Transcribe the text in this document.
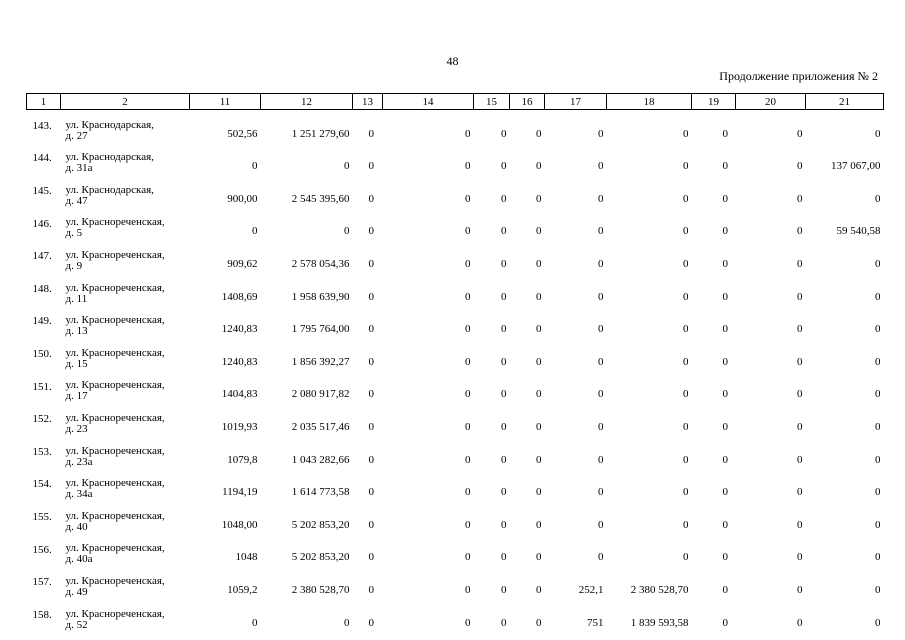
48
Продолжение приложения № 2
1	2	11	12	13	14	15	16	17	18	19	20	21
143.	ул. Краснодарская,
д. 27	502,56	1 251 279,60	0	0	0	0	0	0	0	0	0
144.	ул. Краснодарская,
д. 31а	0	0	0	0	0	0	0	0	0	0	137 067,00
145.	ул. Краснодарская,
д. 47	900,00	2 545 395,60	0	0	0	0	0	0	0	0	0
146.	ул. Краснореченская,
д. 5	0	0	0	0	0	0	0	0	0	0	59 540,58
147.	ул. Краснореченская,
д. 9	909,62	2 578 054,36	0	0	0	0	0	0	0	0	0
148.	ул. Краснореченская,
д. 11	1408,69	1 958 639,90	0	0	0	0	0	0	0	0	0
149.	ул. Краснореченская,
д. 13	1240,83	1 795 764,00	0	0	0	0	0	0	0	0	0
150.	ул. Краснореченская,
д. 15	1240,83	1 856 392,27	0	0	0	0	0	0	0	0	0
151.	ул. Краснореченская,
д. 17	1404,83	2 080 917,82	0	0	0	0	0	0	0	0	0
152.	ул. Краснореченская,
д. 23	1019,93	2 035 517,46	0	0	0	0	0	0	0	0	0
153.	ул. Краснореченская,
д. 23а	1079,8	1 043 282,66	0	0	0	0	0	0	0	0	0
154.	ул. Краснореченская,
д. 34а	1194,19	1 614 773,58	0	0	0	0	0	0	0	0	0
155.	ул. Краснореченская,
д. 40	1048,00	5 202 853,20	0	0	0	0	0	0	0	0	0
156.	ул. Краснореченская,
д. 40а	1048	5 202 853,20	0	0	0	0	0	0	0	0	0
157.	ул. Краснореченская,
д. 49	1059,2	2 380 528,70	0	0	0	0	252,1	2 380 528,70	0	0	0
158.	ул. Краснореченская,
д. 52	0	0	0	0	0	0	751	1 839 593,58	0	0	0
